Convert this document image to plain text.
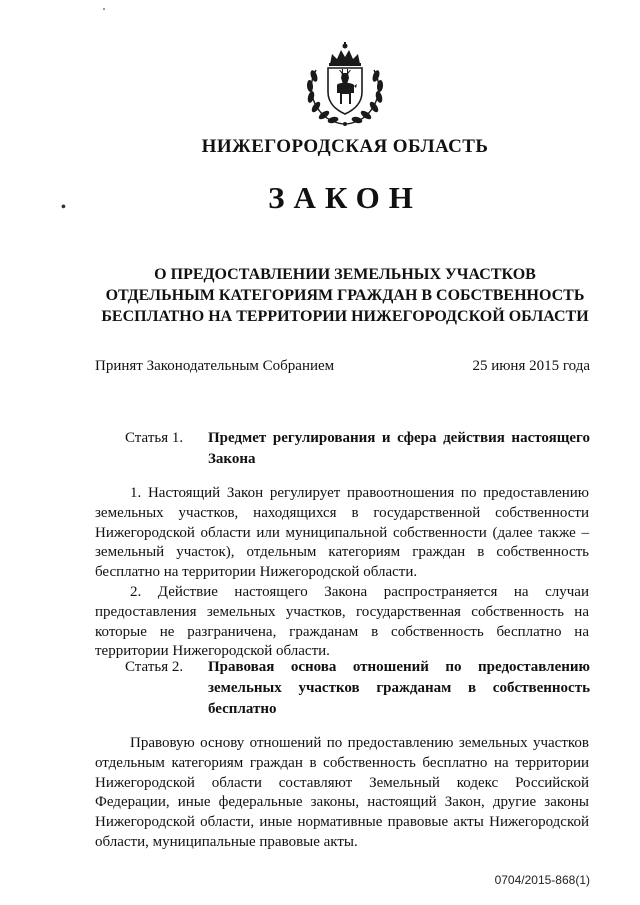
НИЖЕГОРОДСКАЯ ОБЛАСТЬ
•	ЗАКОН
О ПРЕДОСТАВЛЕНИИ ЗЕМЕЛЬНЫХ УЧАСТКОВ
ОТДЕЛЬНЫМ КАТЕГОРИЯМ ГРАЖДАН В СОБСТВЕННОСТЬ
БЕСПЛАТНО НА ТЕРРИТОРИИ НИЖЕГОРОДСКОЙ ОБЛАСТИ
Принят Законодательным Собранием	25 июня 2015 года
Статья 1.	Предмет регулирования и сфера действия настоящего Закона

1. Настоящий Закон регулирует правоотношения по предоставлению земельных участков, находящихся в государственной собственности Нижегородской области или муниципальной собственности (далее также – земельный участок), отдельным категориям граждан в собственность бесплатно на территории Нижегородской области.

2. Действие настоящего Закона распространяется на случаи предоставления земельных участков, государственная собственность на которые не разграничена, гражданам в собственность бесплатно на территории Нижегородской области.

Статья 2.	Правовая основа отношений по предоставлению земельных участков гражданам в собственность бесплатно

Правовую основу отношений по предоставлению земельных участков отдельным категориям граждан в собственность бесплатно на территории Нижегородской области составляют Земельный кодекс Российской Федерации, иные федеральные законы, настоящий Закон, другие законы Нижегородской области, иные нормативные правовые акты Нижегородской области, муниципальные правовые акты.

0704/2015-868(1)
